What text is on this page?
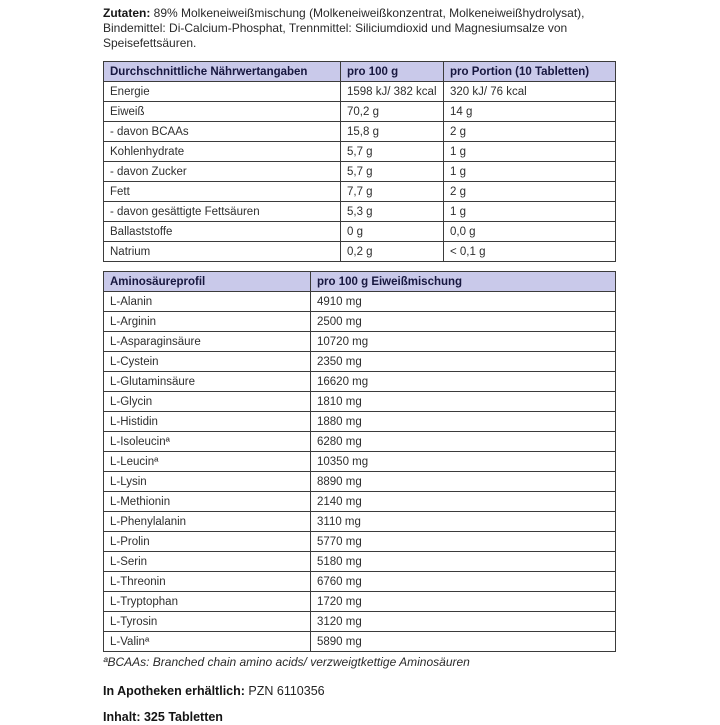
Zutaten: 89% Molkeneiweißmischung (Molkeneiweißkonzentrat, Molkeneiweißhydrolysat), Bindemittel: Di-Calcium-Phosphat, Trennmittel: Siliciumdioxid und Magnesiumsalze von Speisefettsäuren.

Durchschnittliche Nährwertangaben	pro 100 g	pro Portion (10 Tabletten)
Energie	1598 kJ/ 382 kcal	320 kJ/ 76 kcal
Eiweiß	70,2 g	14 g
- davon BCAAs	15,8 g	2 g
Kohlenhydrate	5,7 g	1 g
- davon Zucker	5,7 g	1 g
Fett	7,7 g	2 g
- davon gesättigte Fettsäuren	5,3 g	1 g
Ballaststoffe	0 g	0,0 g
Natrium	0,2 g	< 0,1 g
Aminosäureprofil	pro 100 g Eiweißmischung
L-Alanin	4910 mg
L-Arginin	2500 mg
L-Asparaginsäure	10720 mg
L-Cystein	2350 mg
L-Glutaminsäure	16620 mg
L-Glycin	1810 mg
L-Histidin	1880 mg
L-Isoleucinª	6280 mg
L-Leucinª	10350 mg
L-Lysin	8890 mg
L-Methionin	2140 mg
L-Phenylalanin	3110 mg
L-Prolin	5770 mg
L-Serin	5180 mg
L-Threonin	6760 mg
L-Tryptophan	1720 mg
L-Tyrosin	3120 mg
L-Valinª	5890 mg

ªBCAAs: Branched chain amino acids/ verzweigtkettige Aminosäuren

In Apotheken erhältlich: PZN 6110356

Inhalt: 325 Tabletten
